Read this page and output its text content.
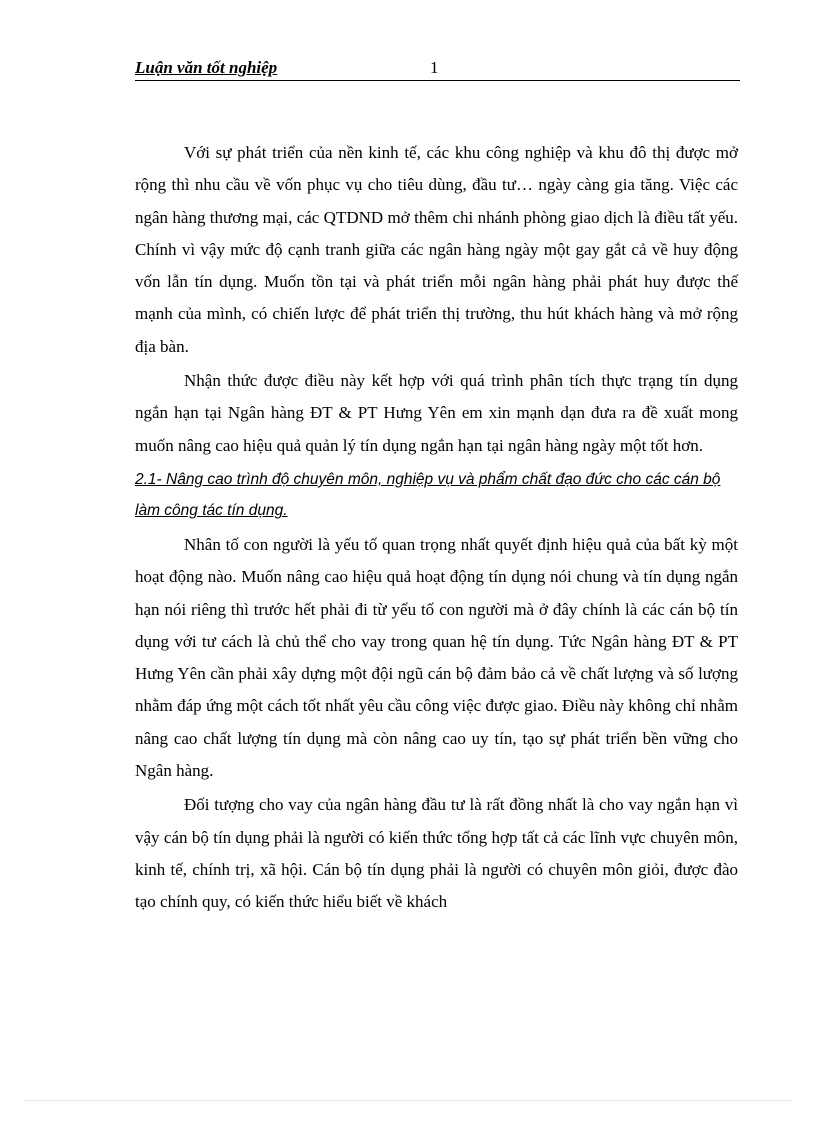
Luận văn tốt nghiệp	1

Với sự phát triển của nền kinh tế, các khu công nghiệp và khu đô thị được mở rộng thì nhu cầu về vốn phục vụ cho tiêu dùng, đầu tư… ngày càng gia tăng. Việc các ngân hàng thương mại, các QTDND mở thêm chi nhánh phòng giao dịch là điều tất yếu. Chính vì vậy mức độ cạnh tranh giữa các ngân hàng ngày một gay gắt cả về huy động vốn lẫn tín dụng. Muốn tồn tại và phát triển mỗi ngân hàng phải phát huy được thế mạnh của mình, có chiến lược để phát triển thị trường, thu hút khách hàng và mở rộng địa bàn.

Nhận thức được điều này kết hợp với quá trình phân tích thực trạng tín dụng ngắn hạn tại Ngân hàng ĐT & PT Hưng Yên em xin mạnh dạn đưa ra đề xuất mong muốn nâng cao hiệu quả quản lý tín dụng ngắn hạn tại ngân hàng ngày một tốt hơn.

2.1- Nâng cao trình độ chuyên môn, nghiệp vụ và phẩm chất đạo đức cho các cán bộ làm công tác tín dụng.

Nhân tố con người là yếu tố quan trọng nhất quyết định hiệu quả của bất kỳ một hoạt động nào. Muốn nâng cao hiệu quả hoạt động tín dụng nói chung và tín dụng ngắn hạn nói riêng thì trước hết phải đi từ yếu tố con người mà ở đây chính là các cán bộ tín dụng với tư cách là chủ thể cho vay trong quan hệ tín dụng. Tức Ngân hàng ĐT & PT Hưng Yên cần phải xây dựng một đội ngũ cán bộ đảm bảo cả về chất lượng và số lượng nhằm đáp ứng một cách tốt nhất yêu cầu công việc được giao. Điều này không chỉ nhằm nâng cao chất lượng tín dụng mà còn nâng cao uy tín, tạo sự phát triển bền vững cho Ngân hàng.

Đối tượng cho vay của ngân hàng đầu tư là rất đồng nhất là cho vay ngắn hạn vì vậy cán bộ tín dụng phải là người có kiến thức tổng hợp tất cả các lĩnh vực chuyên môn, kinh tế, chính trị, xã hội. Cán bộ tín dụng phải là người có chuyên môn giỏi, được đào tạo chính quy, có kiến thức hiểu biết về khách
